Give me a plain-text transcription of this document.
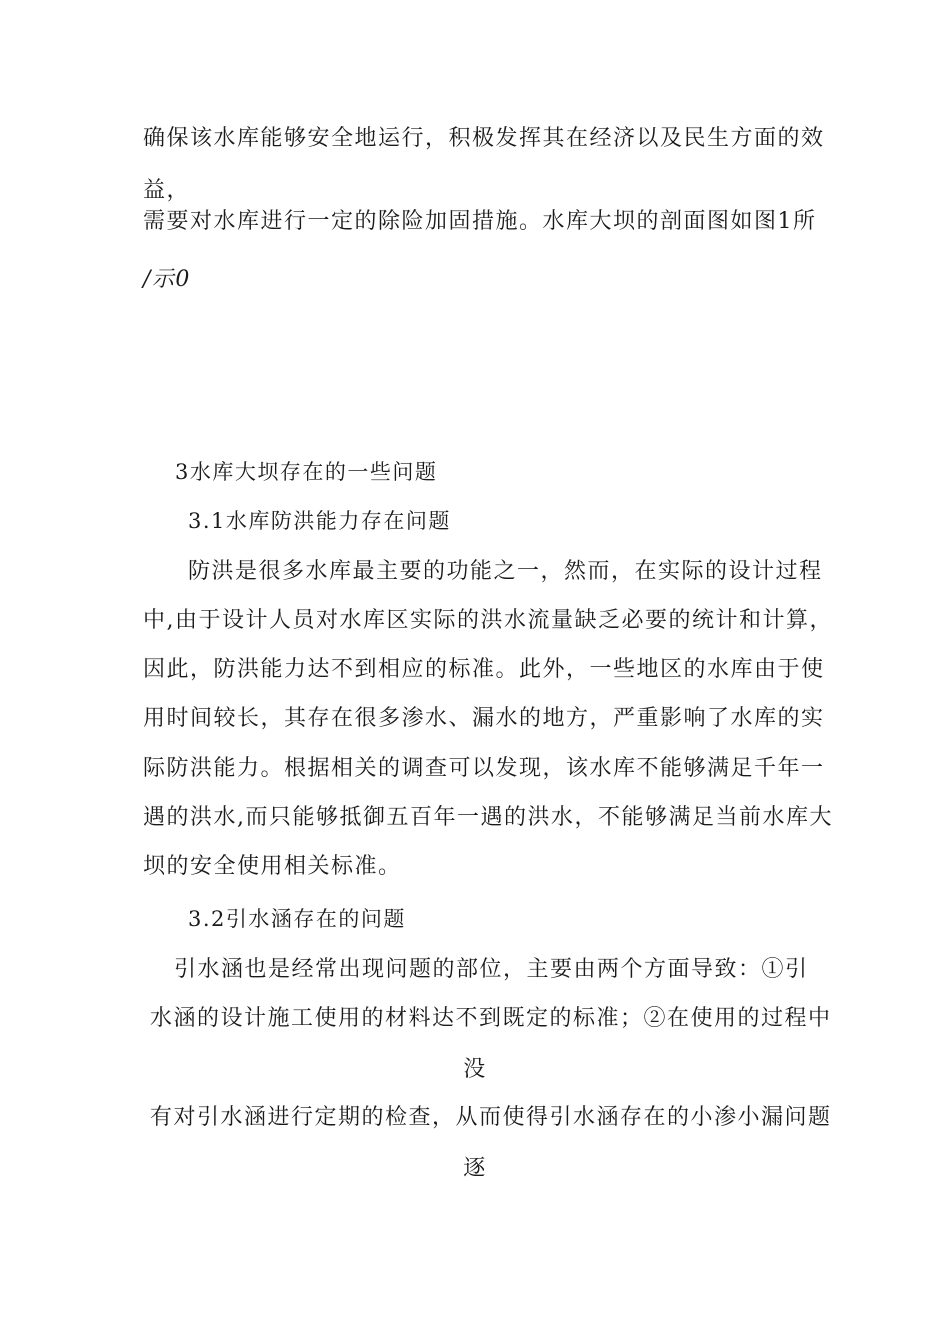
确保该水库能够安全地运行，积极发挥其在经济以及民生方面的效
益，
需要对水库进行一定的除险加固措施。水库大坝的剖面图如图1所
/示0
3水库大坝存在的一些问题
3.1水库防洪能力存在问题
防洪是很多水库最主要的功能之一，然而，在实际的设计过程
中,由于设计人员对水库区实际的洪水流量缺乏必要的统计和计算，
因此，防洪能力达不到相应的标准。此外，一些地区的水库由于使
用时间较长，其存在很多渗水、漏水的地方，严重影响了水库的实
际防洪能力。根据相关的调查可以发现，该水库不能够满足千年一
遇的洪水,而只能够抵御五百年一遇的洪水，不能够满足当前水库大
坝的安全使用相关标准。
3.2引水涵存在的问题
引水涵也是经常出现问题的部位，主要由两个方面导致：①引
水涵的设计施工使用的材料达不到既定的标准；②在使用的过程中
没
有对引水涵进行定期的检查，从而使得引水涵存在的小渗小漏问题
逐
